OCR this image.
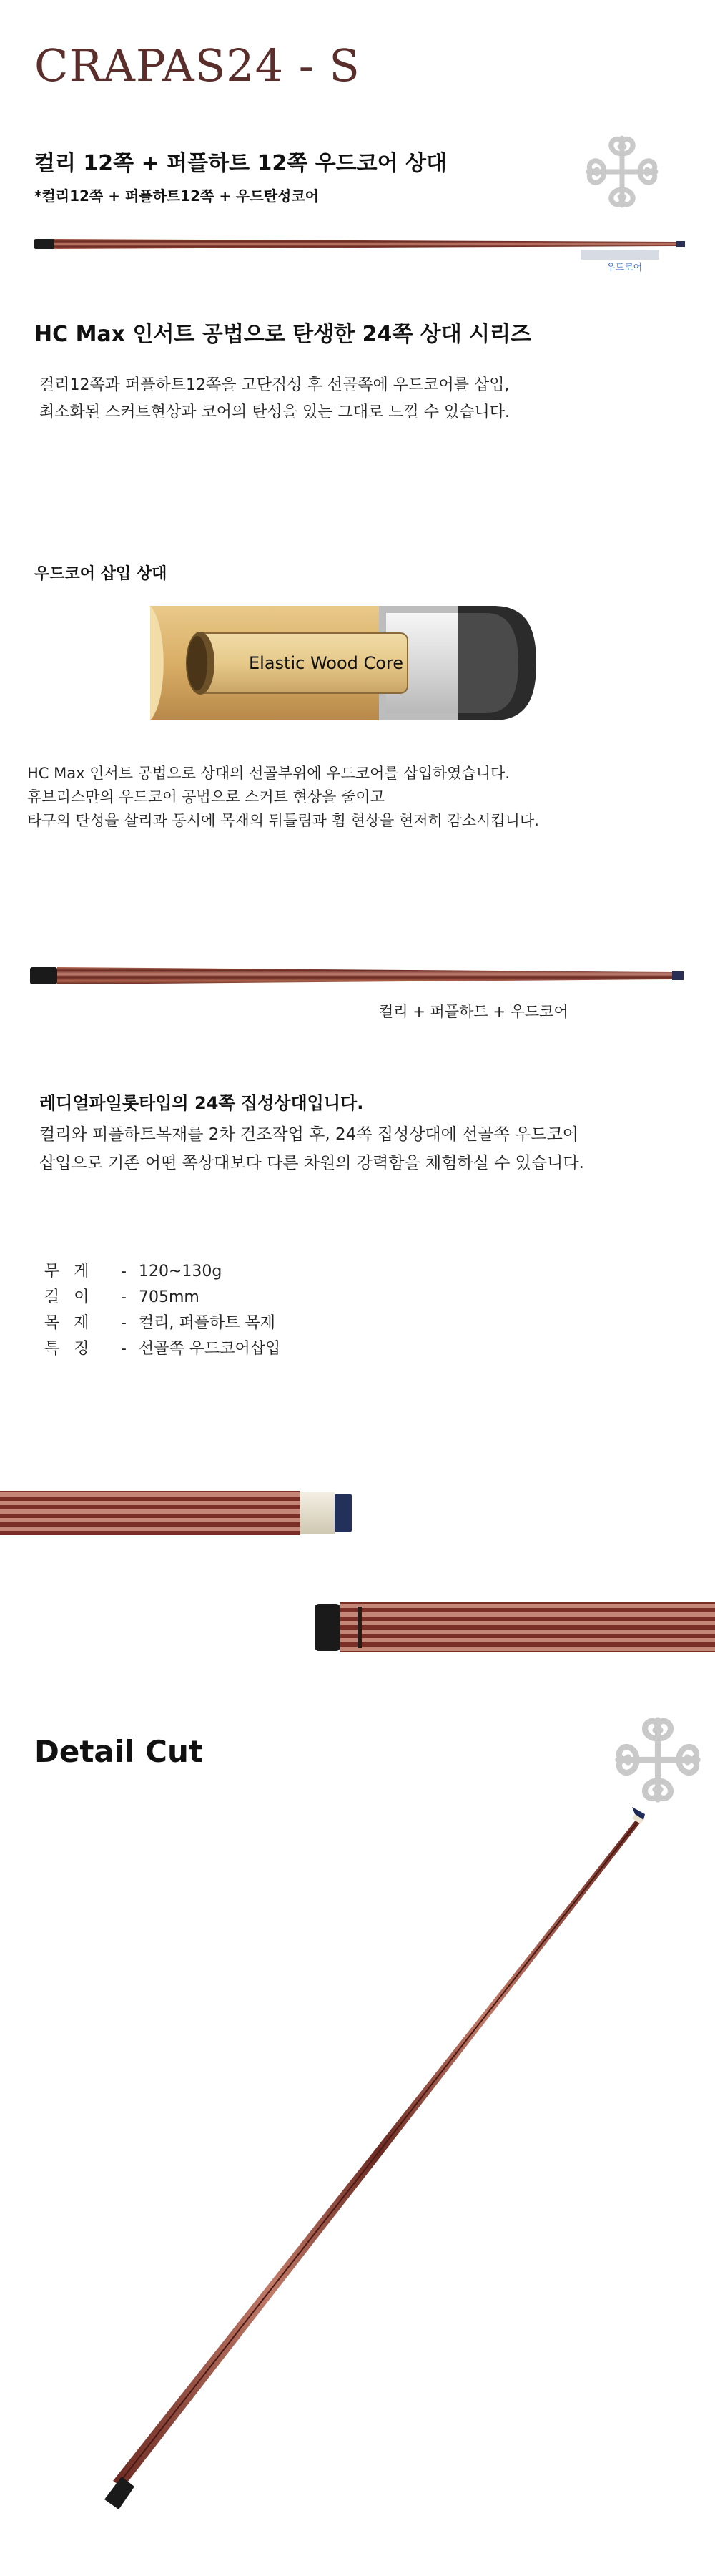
CRAPAS24 - S
컬리 12쪽 + 퍼플하트 12쪽 우드코어 상대
*컬리12쪽 + 퍼플하트12쪽 + 우드탄성코어
우드코어
HC Max 인서트 공법으로 탄생한 24쪽 상대 시리즈
컬리12쪽과 퍼플하트12쪽을 고단집성 후 선골쪽에 우드코어를 삽입,
최소화된 스커트현상과 코어의 탄성을 있는 그대로 느낄 수 있습니다.
우드코어 삽입 상대
Elastic Wood Core
HC Max 인서트 공법으로 상대의 선골부위에 우드코어를 삽입하였습니다.
휴브리스만의 우드코어 공법으로 스커트 현상을 줄이고
타구의 탄성을 살리과 동시에 목재의 뒤틀림과 휨 현상을 현저히 감소시킵니다.
컬리 + 퍼플하트 + 우드코어
레디얼파일롯타입의 24쪽 집성상대입니다.
컬리와 퍼플하트목재를 2차 건조작업 후, 24쪽 집성상대에 선골쪽 우드코어
삽입으로 기존 어떤 쪽상대보다 다른 차원의 강력함을 체험하실 수 있습니다.
무게	- 120~130g
길이	- 705mm
목재	- 컬리, 퍼플하트 목재
특징	- 선골쪽 우드코어삽입
Detail Cut
